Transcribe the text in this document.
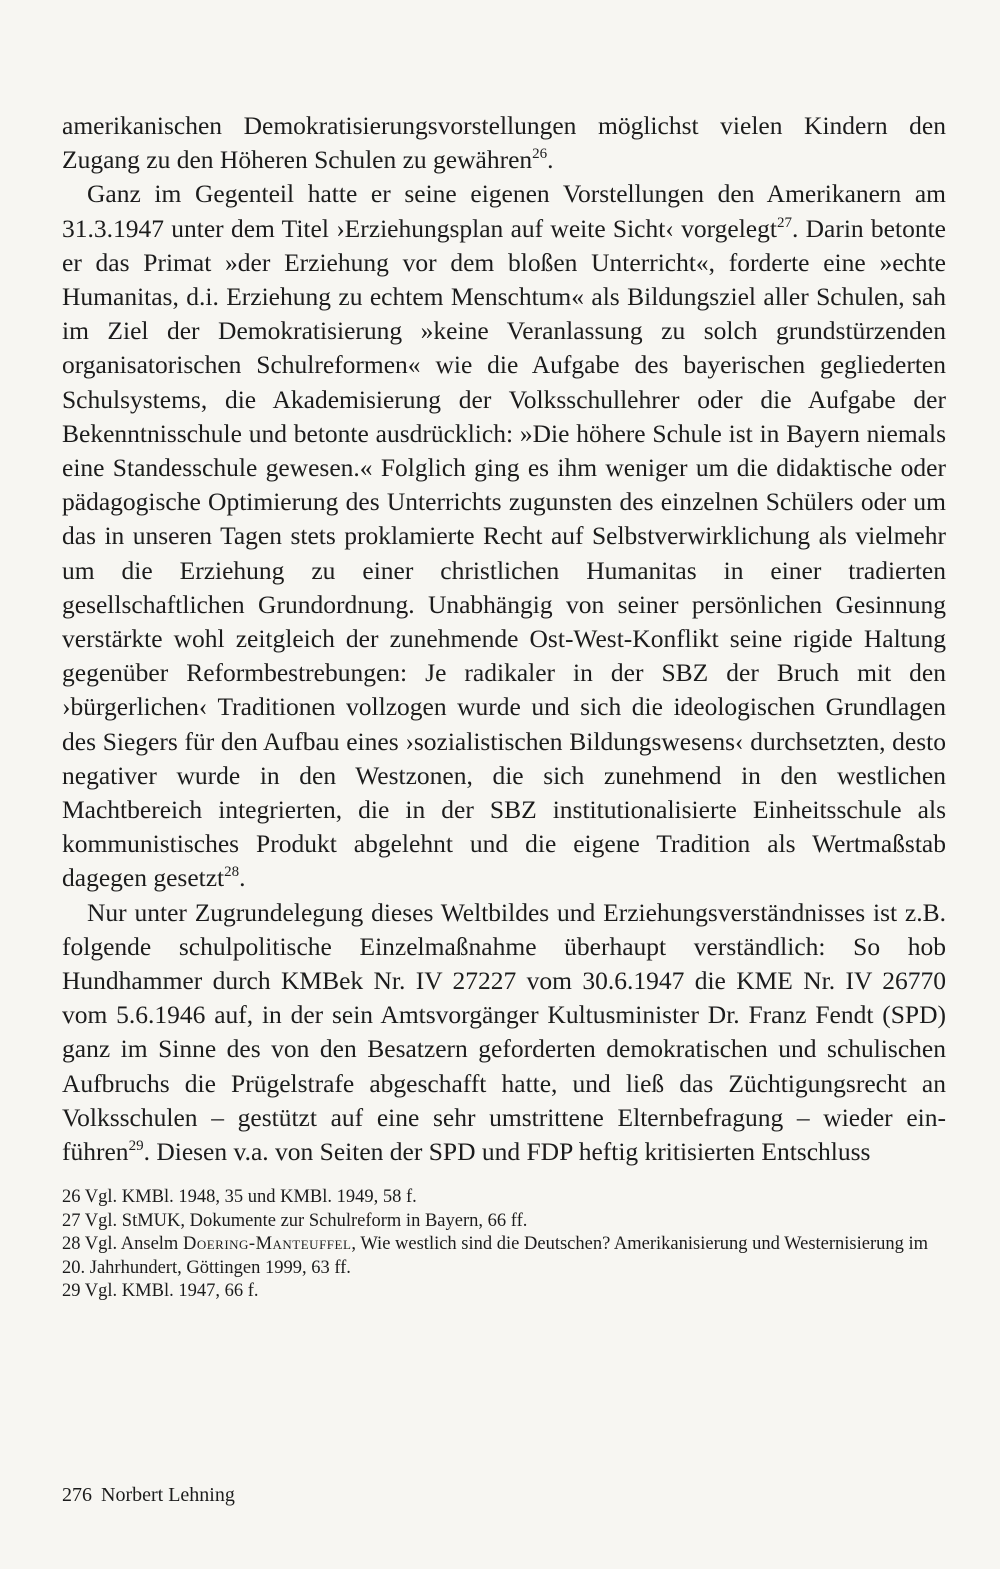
amerikanischen Demokratisierungsvorstellungen möglichst vielen Kindern den Zugang zu den Höheren Schulen zu gewähren$^{26}$.

Ganz im Gegenteil hatte er seine eigenen Vorstellungen den Amerikanern am 31.3.1947 unter dem Titel ›Erziehungsplan auf weite Sicht‹ vorgelegt$^{27}$. Darin betonte er das Primat »der Erziehung vor dem bloßen Unterricht«, forderte eine »echte Humanitas, d.i. Erziehung zu echtem Menschtum« als Bildungsziel aller Schulen, sah im Ziel der Demokratisierung »keine Veranlassung zu solch grundstürzenden organisatorischen Schulreformen« wie die Aufgabe des bayerischen gegliederten Schulsystems, die Akademisierung der Volksschullehrer oder die Aufgabe der Bekenntnisschule und betonte ausdrücklich: »Die höhere Schule ist in Bayern niemals eine Standesschule gewesen.« Folglich ging es ihm weniger um die didaktische oder pädagogische Optimierung des Unterrichts zugunsten des einzelnen Schülers oder um das in unseren Tagen stets proklamierte Recht auf Selbstverwirklichung als vielmehr um die Erziehung zu einer christlichen Humanitas in einer tradierten gesellschaftlichen Grundordnung. Unabhängig von seiner persönlichen Gesinnung verstärkte wohl zeitgleich der zunehmende Ost-West-Konflikt seine rigide Haltung gegenüber Reformbestrebungen: Je radikaler in der SBZ der Bruch mit den ›bürgerlichen‹ Traditionen vollzogen wurde und sich die ideologischen Grundlagen des Siegers für den Aufbau eines ›sozialistischen Bildungswesens‹ durchsetzten, desto negativer wurde in den Westzonen, die sich zunehmend in den westlichen Machtbereich integrierten, die in der SBZ institutionalisierte Einheitsschule als kommunistisches Produkt abgelehnt und die eigene Tradition als Wertmaßstab dagegen gesetzt$^{28}$.

Nur unter Zugrundelegung dieses Weltbildes und Erziehungsverständnisses ist z.B. folgende schulpolitische Einzelmaßnahme überhaupt verständlich: So hob Hundhammer durch KMBek Nr. IV 27227 vom 30.6.1947 die KME Nr. IV 26770 vom 5.6.1946 auf, in der sein Amtsvorgänger Kultusminister Dr. Franz Fendt (SPD) ganz im Sinne des von den Besatzern geforderten demokratischen und schulischen Aufbruchs die Prügelstrafe abgeschafft hatte, und ließ das Züchtigungsrecht an Volksschulen – gestützt auf eine sehr umstrittene Elternbefragung – wieder einführen$^{29}$. Diesen v.a. von Seiten der SPD und FDP heftig kritisierten Entschluss

26 Vgl. KMBl. 1948, 35 und KMBl. 1949, 58 f.
27 Vgl. StMUK, Dokumente zur Schulreform in Bayern, 66 ff.
28 Vgl. Anselm Doering-Manteuffel, Wie westlich sind die Deutschen? Amerikanisierung und Westernisierung im 20. Jahrhundert, Göttingen 1999, 63 ff.
29 Vgl. KMBl. 1947, 66 f.
276 Norbert Lehning
